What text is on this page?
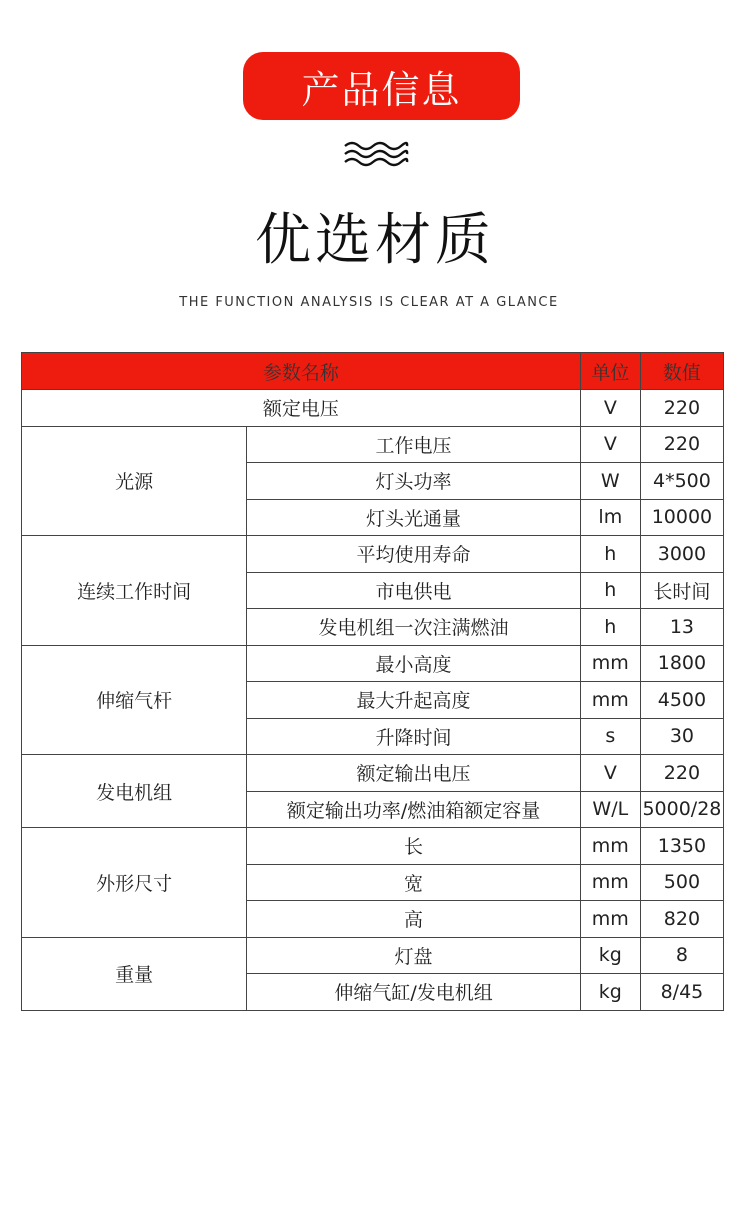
产品信息
优选材质
THE FUNCTION ANALYSIS IS CLEAR AT A GLANCE
参数名称		单位	数值
额定电压		V	220
光源	工作电压	V	220
	灯头功率	W	4*500
	灯头光通量	lm	10000
连续工作时间	平均使用寿命	h	3000
	市电供电	h	长时间
	发电机组一次注满燃油	h	13
伸缩气杆	最小高度	mm	1800
	最大升起高度	mm	4500
	升降时间	s	30
发电机组	额定输出电压	V	220
	额定输出功率/燃油箱额定容量	W/L	5000/28
外形尺寸	长	mm	1350
	宽	mm	500
	高	mm	820
重量	灯盘	kg	8
	伸缩气缸/发电机组	kg	8/45
